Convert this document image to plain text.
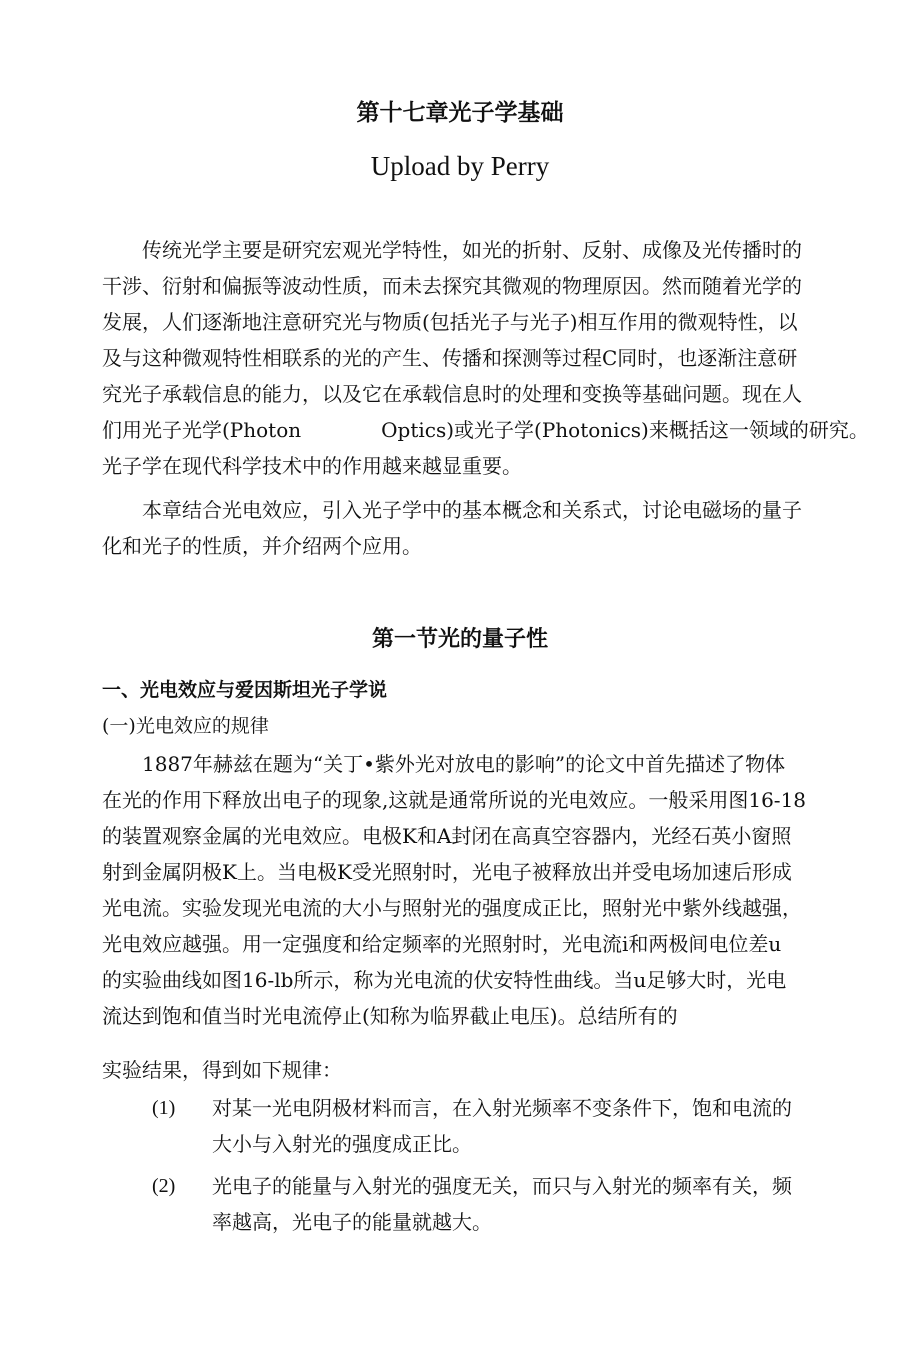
第十七章光子学基础
Upload by Perry
传统光学主要是研究宏观光学特性，如光的折射、反射、成像及光传播时的
干涉、衍射和偏振等波动性质，而未去探究其微观的物理原因。然而随着光学的
发展，人们逐渐地注意研究光与物质(包括光子与光子)相互作用的微观特性，以
及与这种微观特性相联系的光的产生、传播和探测等过程C同时，也逐渐注意研
究光子承载信息的能力，以及它在承载信息时的处理和变换等基础问题。现在人
们用光子光学(Photon	Optics)或光子学(Photonics)来概括这一领域的研究。
光子学在现代科学技术中的作用越来越显重要。
本章结合光电效应，引入光子学中的基本概念和关系式，讨论电磁场的量子
化和光子的性质，并介绍两个应用。
第一节光的量子性
一、光电效应与爱因斯坦光子学说
(一)光电效应的规律
1887年赫兹在题为“关丁•紫外光对放电的影响”的论文中首先描述了物体
在光的作用下释放出电子的现象,这就是通常所说的光电效应。一般采用图16-18
的装置观察金属的光电效应。电极K和A封闭在高真空容器内，光经石英小窗照
射到金属阴极K上。当电极K受光照射时，光电子被释放出并受电场加速后形成
光电流。实验发现光电流的大小与照射光的强度成正比，照射光中紫外线越强，
光电效应越强。用一定强度和给定频率的光照射时，光电流i和两极间电位差u
的实验曲线如图16-lb所示，称为光电流的伏安特性曲线。当u足够大时，光电
流达到饱和值当时光电流停止(知称为临界截止电压)。总结所有的
实验结果，得到如下规律：
(1) 对某一光电阴极材料而言，在入射光频率不变条件下，饱和电流的
大小与入射光的强度成正比。
(2) 光电子的能量与入射光的强度无关，而只与入射光的频率有关，频
率越高，光电子的能量就越大。
